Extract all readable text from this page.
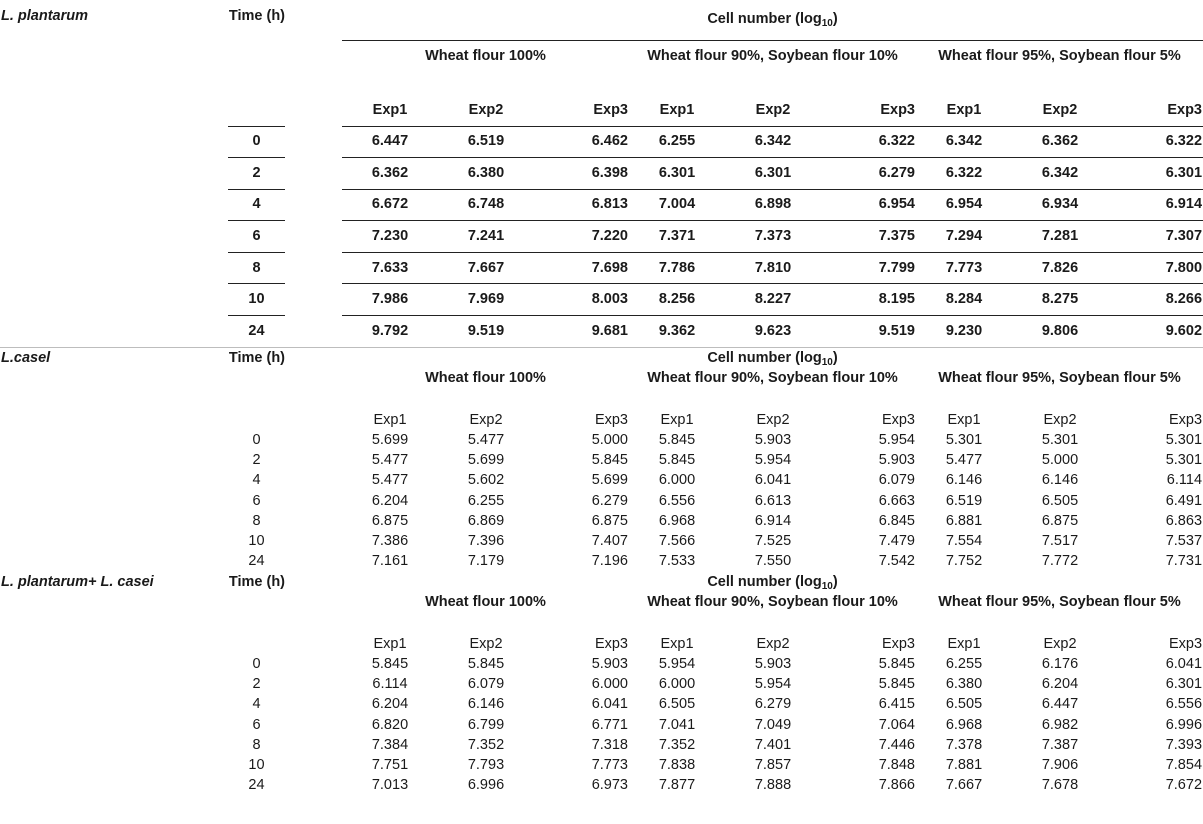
L. plantarum	Time (h)		Cell number $(\log_{10})$								
			Wheat flour 100%			Wheat flour 90%, Soybean flour 10%			Wheat flour 95%, Soybean flour 5%		
			Exp1	Exp2	Exp3	Exp1	Exp2	Exp3	Exp1	Exp2	Exp3
	0		6.447	6.519	6.462	6.255	6.342	6.322	6.342	6.362	6.322
	2		6.362	6.380	6.398	6.301	6.301	6.279	6.322	6.342	6.301
	4		6.672	6.748	6.813	7.004	6.898	6.954	6.954	6.934	6.914
	6		7.230	7.241	7.220	7.371	7.373	7.375	7.294	7.281	7.307
	8		7.633	7.667	7.698	7.786	7.810	7.799	7.773	7.826	7.800
	10		7.986	7.969	8.003	8.256	8.227	8.195	8.284	8.275	8.266
	24		9.792	9.519	9.681	9.362	9.623	9.519	9.230	9.806	9.602
L.casel	Time (h)		Cell number $(\log_{10})$								
			Wheat flour 100%			Wheat flour 90%, Soybean flour 10%			Wheat flour 95%, Soybean flour 5%		
			Exp1	Exp2	Exp3	Exp1	Exp2	Exp3	Exp1	Exp2	Exp3
	0		5.699	5.477	5.000	5.845	5.903	5.954	5.301	5.301	5.301
	2		5.477	5.699	5.845	5.845	5.954	5.903	5.477	5.000	5.301
	4		5.477	5.602	5.699	6.000	6.041	6.079	6.146	6.146	6.114
	6		6.204	6.255	6.279	6.556	6.613	6.663	6.519	6.505	6.491
	8		6.875	6.869	6.875	6.968	6.914	6.845	6.881	6.875	6.863
	10		7.386	7.396	7.407	7.566	7.525	7.479	7.554	7.517	7.537
	24		7.161	7.179	7.196	7.533	7.550	7.542	7.752	7.772	7.731
L. plantarum+ L. casei	Time (h)		Cell number $(\log_{10})$								
			Wheat flour 100%			Wheat flour 90%, Soybean flour 10%			Wheat flour 95%, Soybean flour 5%		
			Exp1	Exp2	Exp3	Exp1	Exp2	Exp3	Exp1	Exp2	Exp3
	0		5.845	5.845	5.903	5.954	5.903	5.845	6.255	6.176	6.041
	2		6.114	6.079	6.000	6.000	5.954	5.845	6.380	6.204	6.301
	4		6.204	6.146	6.041	6.505	6.279	6.415	6.505	6.447	6.556
	6		6.820	6.799	6.771	7.041	7.049	7.064	6.968	6.982	6.996
	8		7.384	7.352	7.318	7.352	7.401	7.446	7.378	7.387	7.393
	10		7.751	7.793	7.773	7.838	7.857	7.848	7.881	7.906	7.854
	24		7.013	6.996	6.973	7.877	7.888	7.866	7.667	7.678	7.672
